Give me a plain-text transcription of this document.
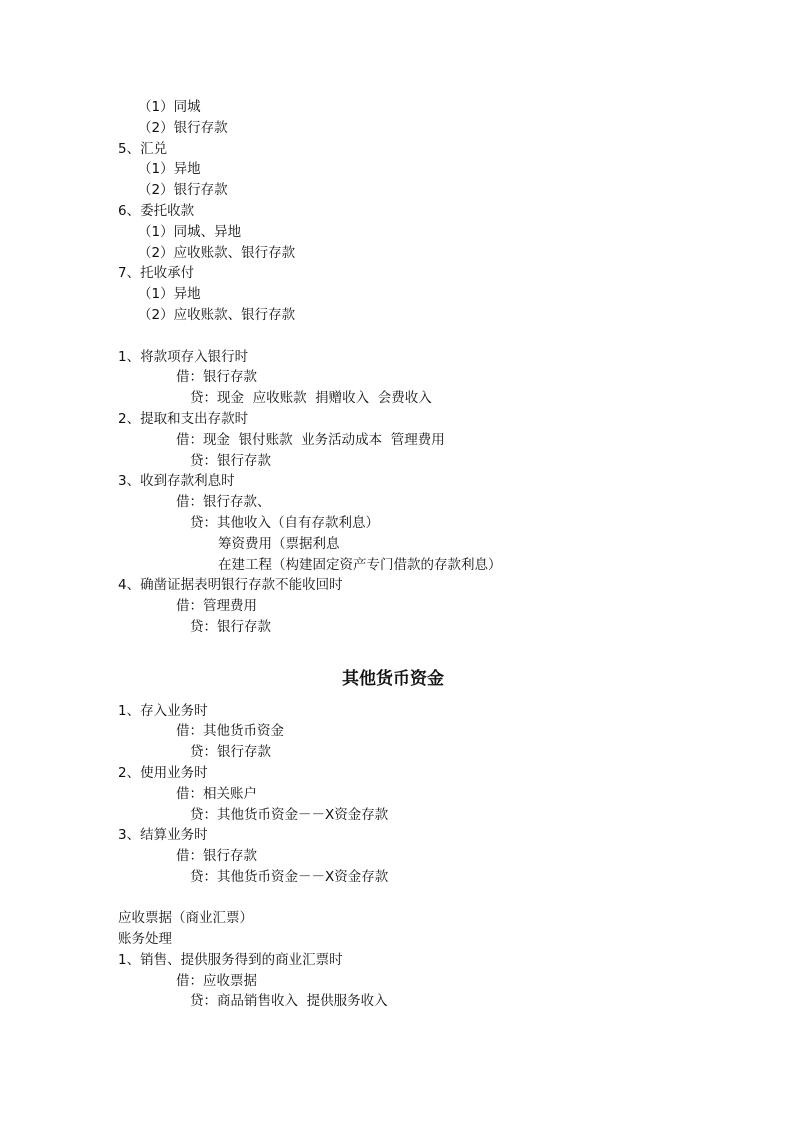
（1）同城
（2）银行存款
5、汇兑
（1）异地
（2）银行存款
6、委托收款
（1）同城、异地
（2）应收账款、银行存款
7、托收承付
（1）异地
（2）应收账款、银行存款
1、将款项存入银行时
借：银行存款
贷：现金  应收账款  捐赠收入  会费收入
2、提取和支出存款时
借：现金  银付账款  业务活动成本  管理费用
贷：银行存款
3、收到存款利息时
借：银行存款、
贷：其他收入（自有存款利息）
筹资费用（票据利息
在建工程（构建固定资产专门借款的存款利息）
4、确凿证据表明银行存款不能收回时
借：管理费用
贷：银行存款
其他货币资金
1、存入业务时
借：其他货币资金
贷：银行存款
2、使用业务时
借：相关账户
贷：其他货币资金－－X资金存款
3、结算业务时
借：银行存款
贷：其他货币资金－－X资金存款
应收票据（商业汇票）
账务处理
1、销售、提供服务得到的商业汇票时
借：应收票据
贷：商品销售收入  提供服务收入
